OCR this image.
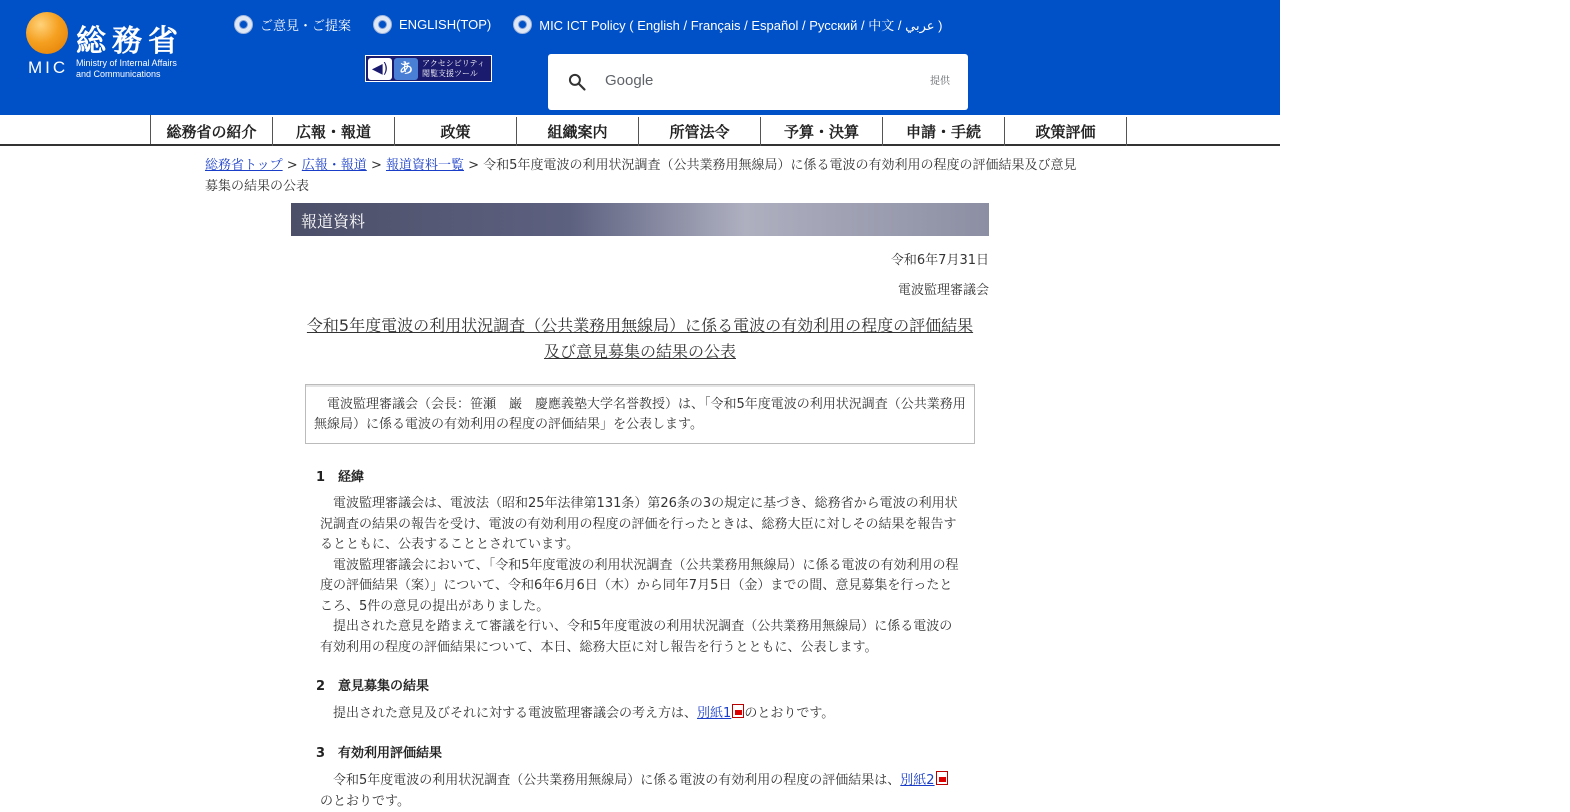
総務省
MIC Ministry of Internal Affairs
and Communications
ご意見・ご提案	ENGLISH(TOP)	MIC ICT Policy ( English / Français / Español / Русский / 中文 / عربي )
◀) あ	アクセシビリティ
閲覧支援ツール	Google	提供
総務省の紹介	広報・報道	政策	組織案内	所管法令	予算・決算	申請・手続	政策評価
総務省トップ > 広報・報道 > 報道資料一覧 > 令和5年度電波の利用状況調査（公共業務用無線局）に係る電波の有効利用の程度の評価結果及び意見募集の結果の公表
報道資料
令和6年7月31日
電波監理審議会
令和5年度電波の利用状況調査（公共業務用無線局）に係る電波の有効利用の程度の評価結果及び意見募集の結果の公表
　電波監理審議会（会長：笹瀬　巌　慶應義塾大学名誉教授）は、「令和5年度電波の利用状況調査（公共業務用無線局）に係る電波の有効利用の程度の評価結果」を公表します。
1　経緯
　電波監理審議会は、電波法（昭和25年法律第131条）第26条の3の規定に基づき、総務省から電波の利用状況調査の結果の報告を受け、電波の有効利用の程度の評価を行ったときは、総務大臣に対しその結果を報告するとともに、公表することとされています。
　電波監理審議会において、「令和5年度電波の利用状況調査（公共業務用無線局）に係る電波の有効利用の程度の評価結果（案）」について、令和6年6月6日（木）から同年7月5日（金）までの間、意見募集を行ったところ、5件の意見の提出がありました。
　提出された意見を踏まえて審議を行い、令和5年度電波の利用状況調査（公共業務用無線局）に係る電波の有効利用の程度の評価結果について、本日、総務大臣に対し報告を行うとともに、公表します。
2　意見募集の結果
　提出された意見及びそれに対する電波監理審議会の考え方は、別紙1 のとおりです。
3　有効利用評価結果
　令和5年度電波の利用状況調査（公共業務用無線局）に係る電波の有効利用の程度の評価結果は、別紙2のとおりです。
